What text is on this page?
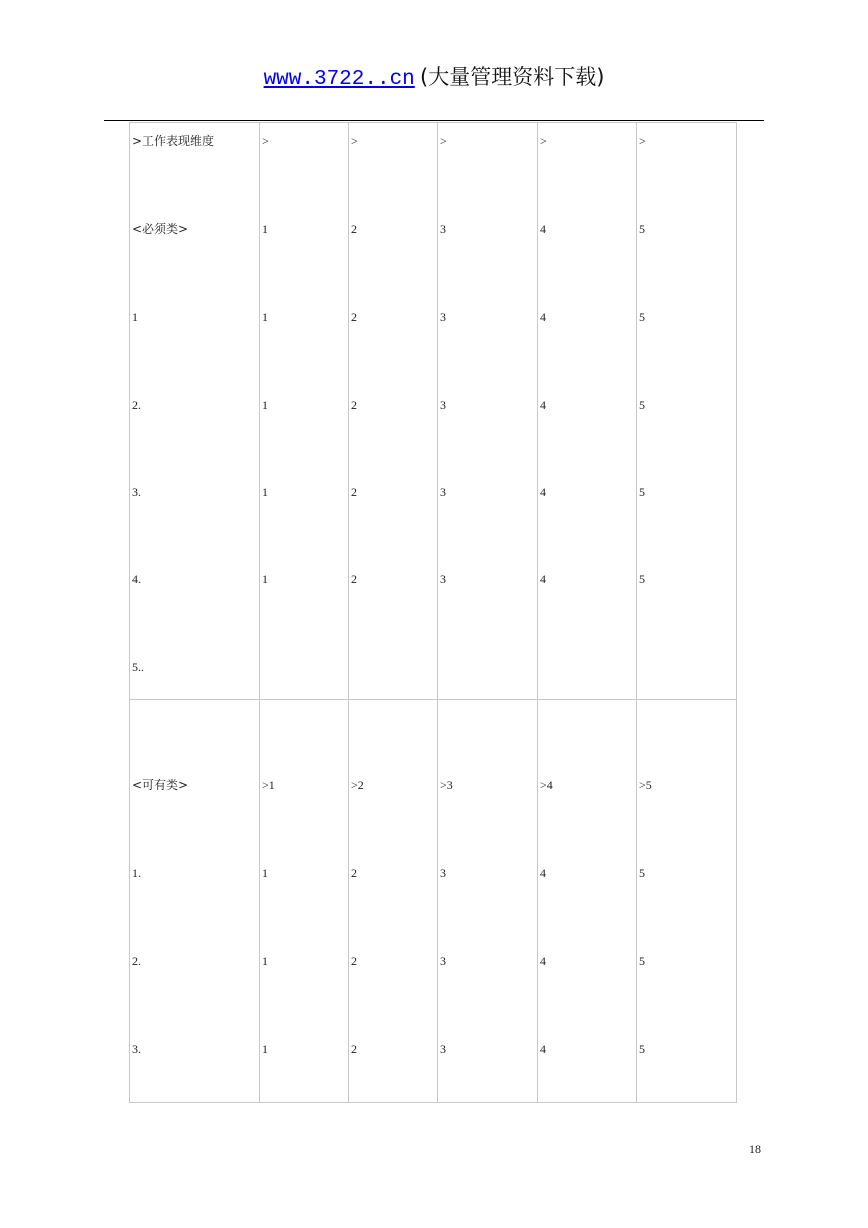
www.3722..cn (大量管理资料下载)
>工作表现维度	>	>	>	>	>
<必须类>	1	2	3	4	5
1	1	2	3	4	5
2.	1	2	3	4	5
3.	1	2	3	4	5
4.	1	2	3	4	5
5..
<可有类>	>1	>2	>3	>4	>5
1.	1	2	3	4	5
2.	1	2	3	4	5
3.	1	2	3	4	5
18
